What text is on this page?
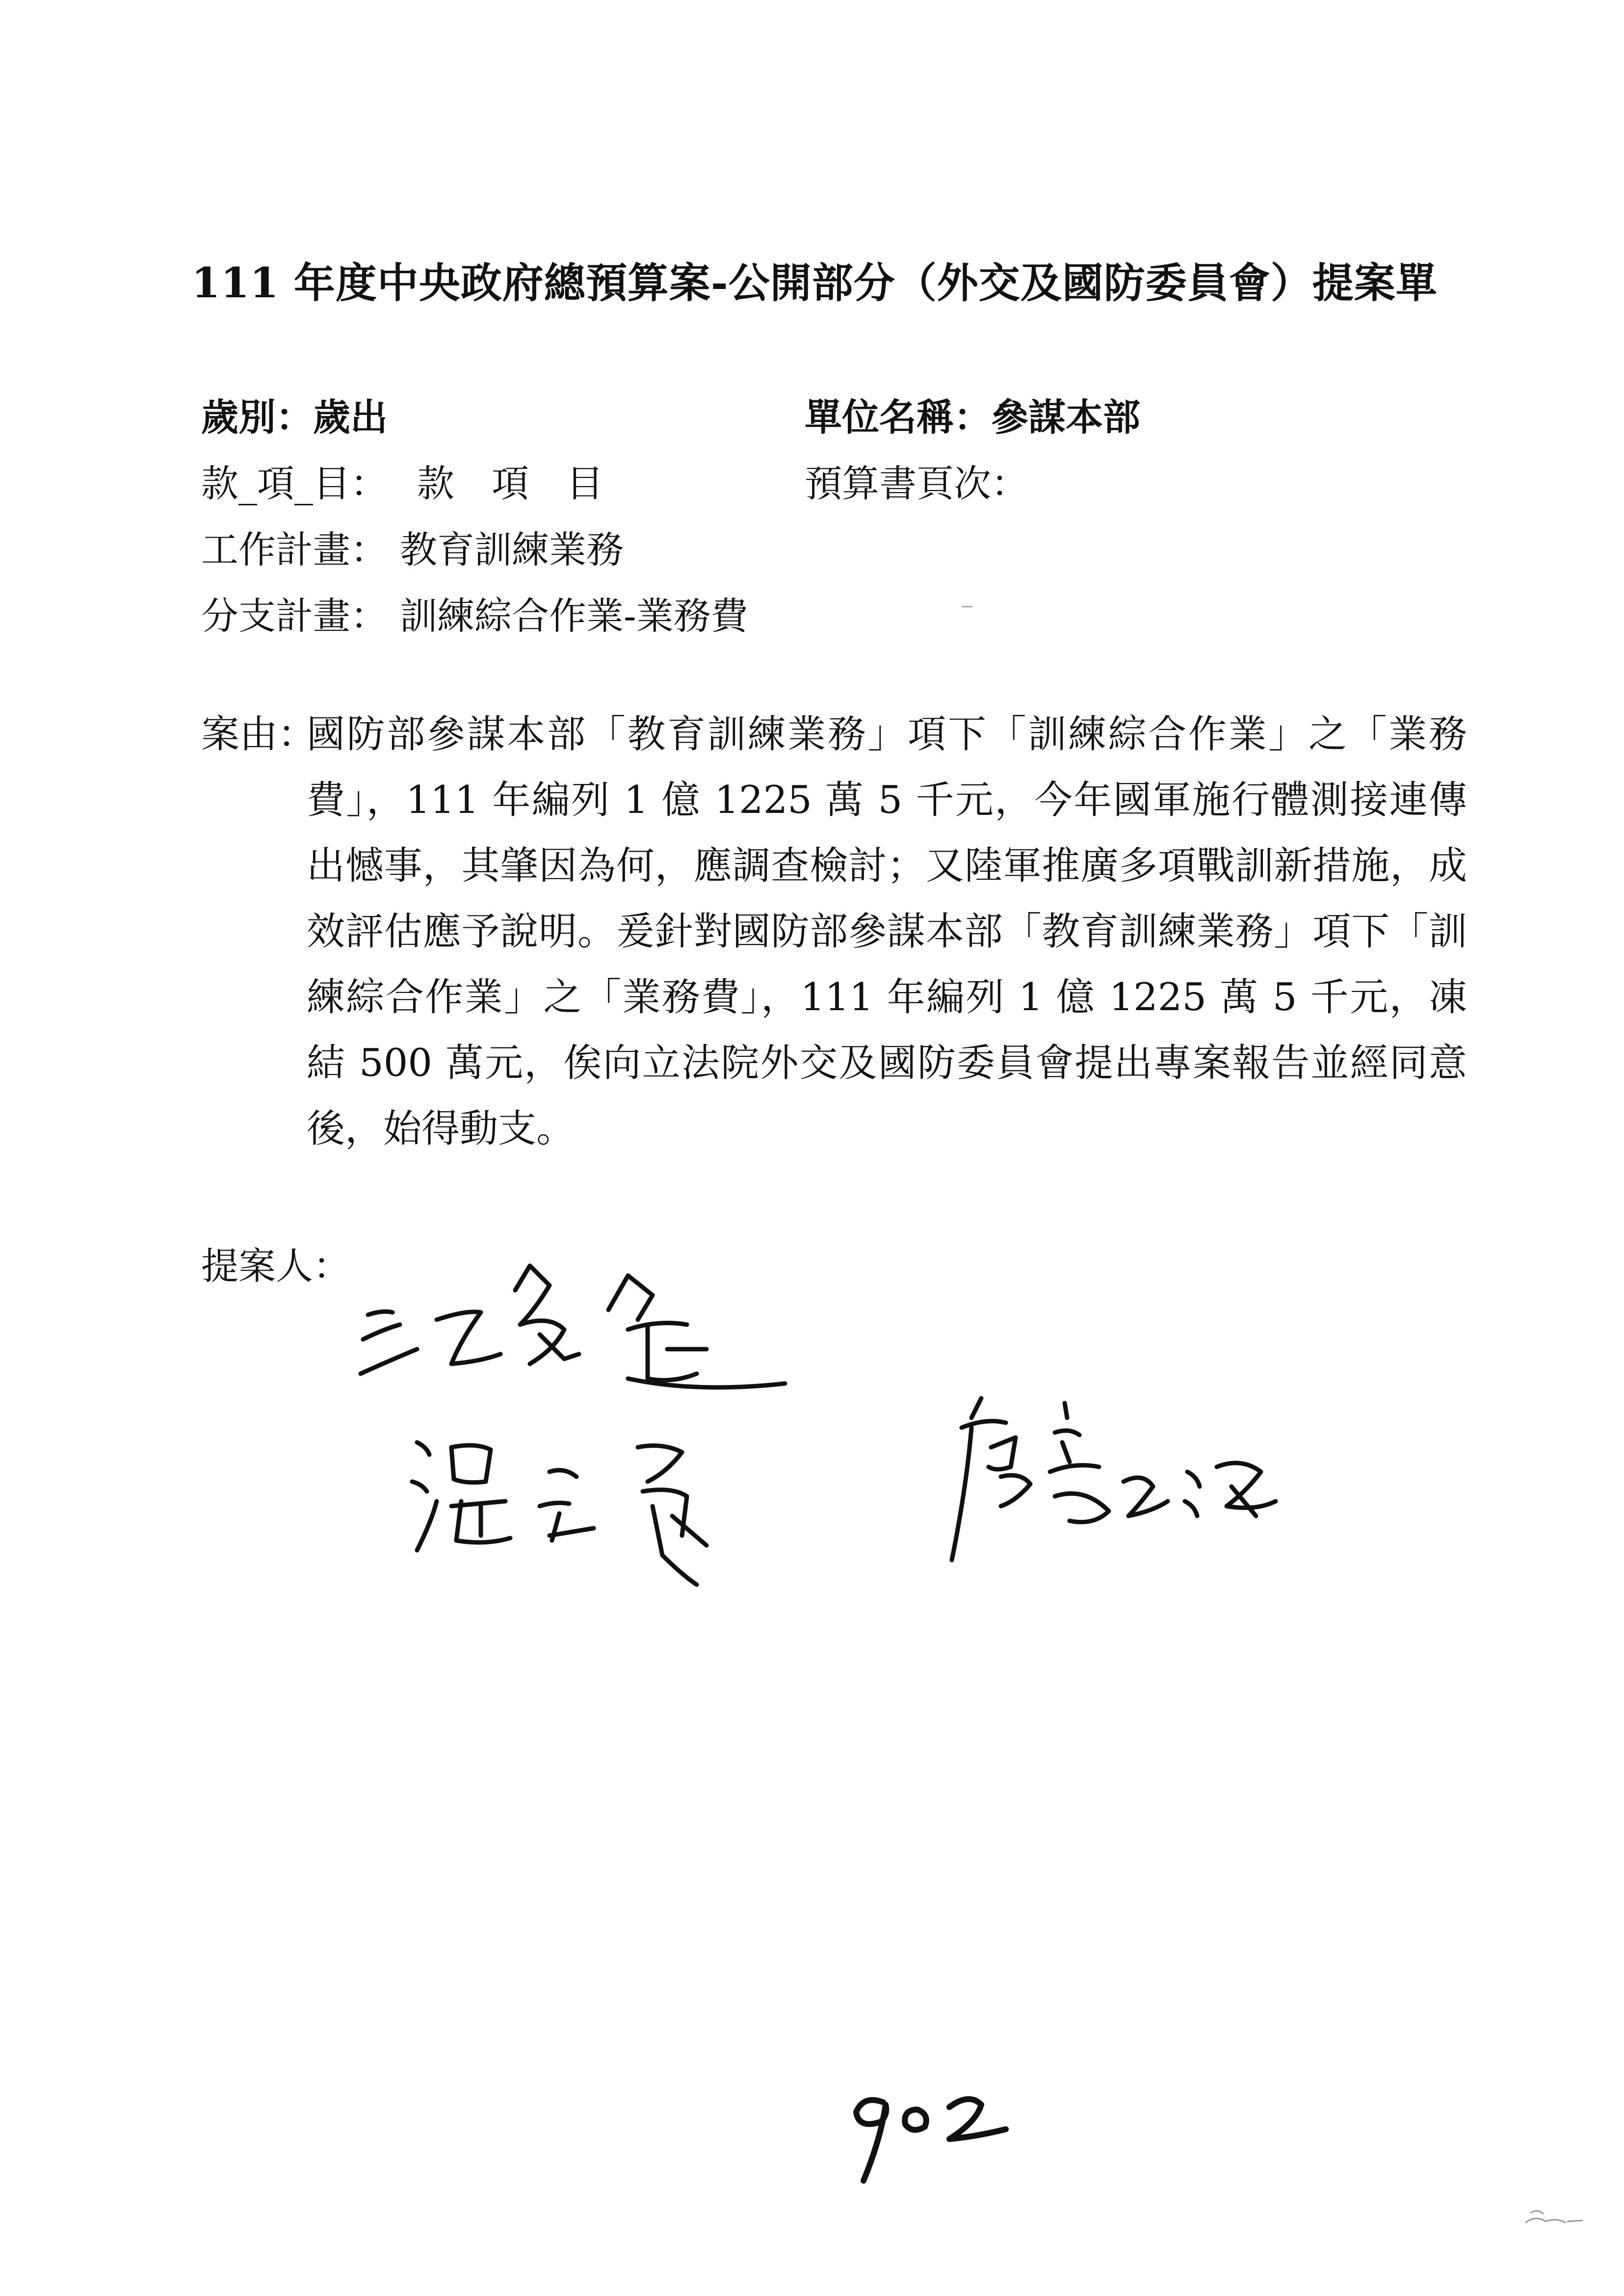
111 年度中央政府總預算案-公開部分（外交及國防委員會）提案單
歲別：歲出	單位名稱：參謀本部
款_項_目： 款　項　目	預算書頁次：
工作計畫： 教育訓練業務
分支計畫： 訓練綜合作業-業務費
案由：
國防部參謀本部「教育訓練業務」項下「訓練綜合作業」之「業務費」，111 年編列 1 億 1225 萬 5 千元，今年國軍施行體測接連傳出憾事，其肇因為何，應調查檢討；又陸軍推廣多項戰訓新措施，成效評估應予說明。爰針對國防部參謀本部「教育訓練業務」項下「訓練綜合作業」之「業務費」，111 年編列 1 億 1225 萬 5 千元，凍結 500 萬元，俟向立法院外交及國防委員會提出專案報告並經同意後，始得動支。
提案人：
